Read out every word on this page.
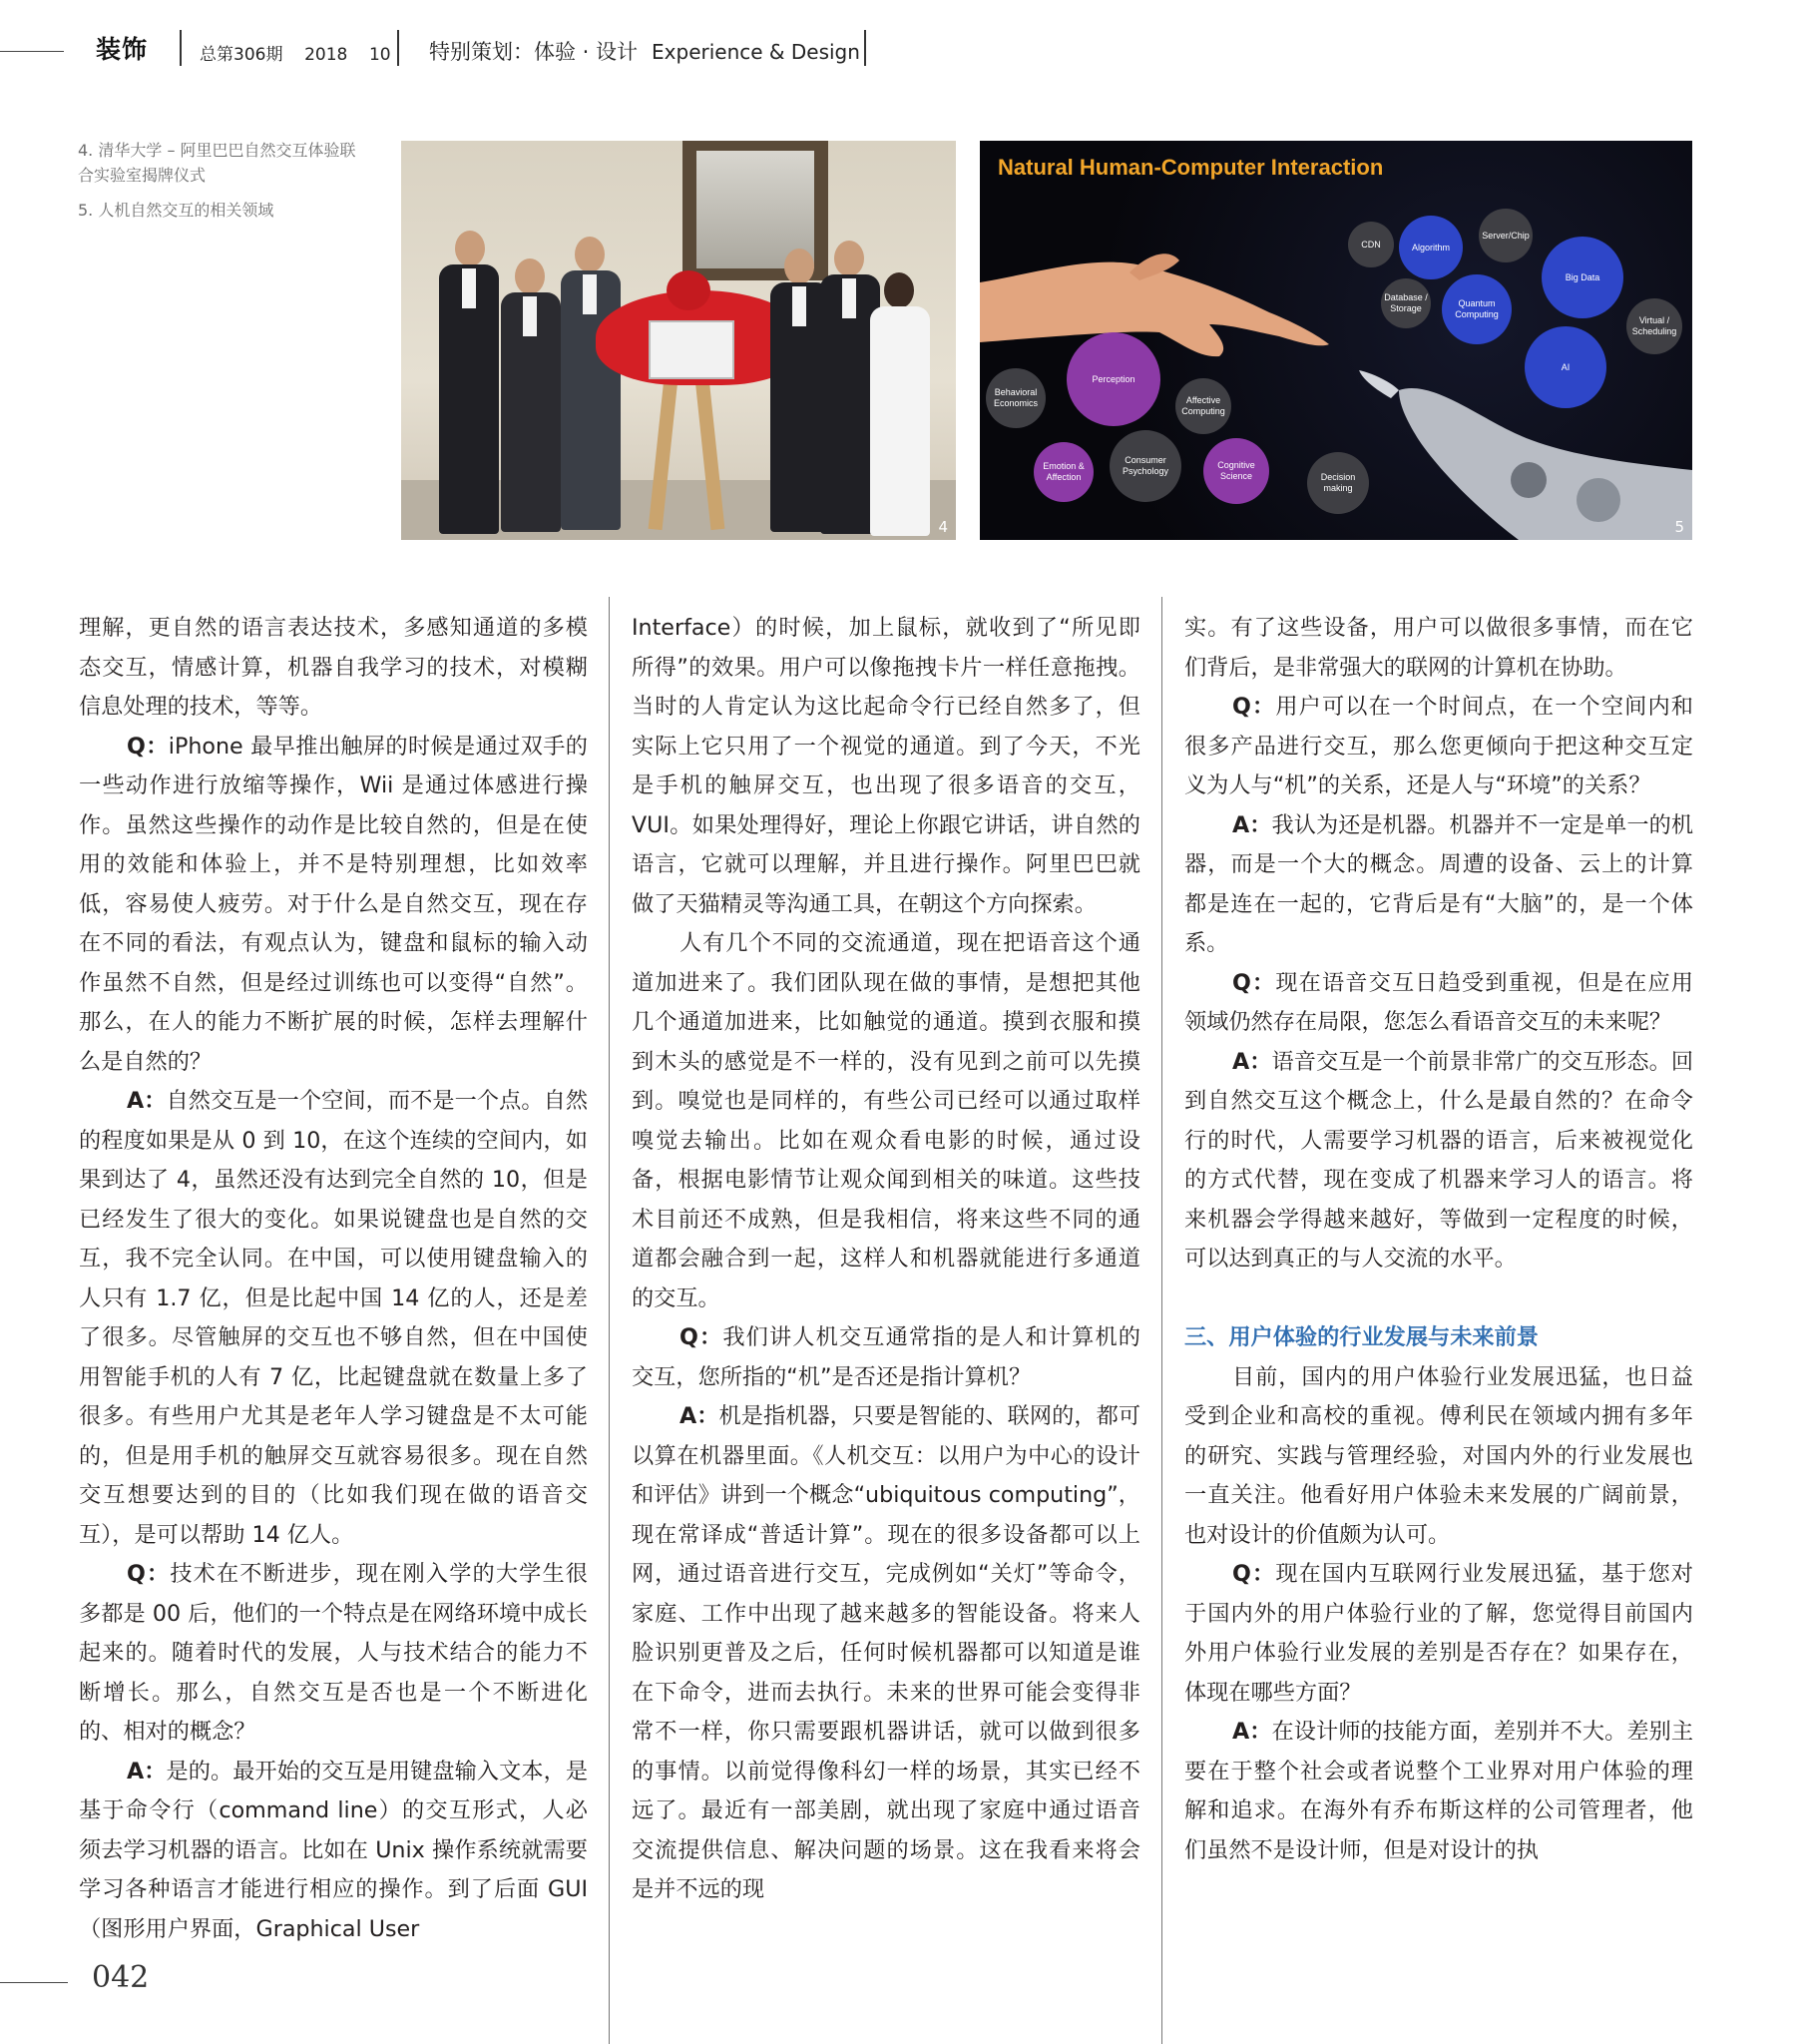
装饰	总第306期 2018 10 特别策划：体验 · 设计 Experience & Design

4. 清华大学 – 阿里巴巴自然交互体验联合实验室揭牌仪式

5. 人机自然交互的相关领域

4
Natural Human-Computer Interaction
CDN	Algorithm
Server/Chip
Big Data
Database / Storage	Quantum Computing
Virtual / Scheduling
AI
Perception
Behavioral Economics	Affective Computing
Emotion & Affection
Consumer Psychology
Cognitive Science	Decision making
5

理解，更自然的语言表达技术，多感知通道的多模态交互，情感计算，机器自我学习的技术，对模糊信息处理的技术，等等。

Q：iPhone 最早推出触屏的时候是通过双手的一些动作进行放缩等操作，Wii 是通过体感进行操作。虽然这些操作的动作是比较自然的，但是在使用的效能和体验上，并不是特别理想，比如效率低，容易使人疲劳。对于什么是自然交互，现在存在不同的看法，有观点认为，键盘和鼠标的输入动作虽然不自然，但是经过训练也可以变得“自然”。那么，在人的能力不断扩展的时候，怎样去理解什么是自然的？

A：自然交互是一个空间，而不是一个点。自然的程度如果是从 0 到 10，在这个连续的空间内，如果到达了 4，虽然还没有达到完全自然的 10，但是已经发生了很大的变化。如果说键盘也是自然的交互，我不完全认同。在中国，可以使用键盘输入的人只有 1.7 亿，但是比起中国 14 亿的人，还是差了很多。尽管触屏的交互也不够自然，但在中国使用智能手机的人有 7 亿，比起键盘就在数量上多了很多。有些用户尤其是老年人学习键盘是不太可能的，但是用手机的触屏交互就容易很多。现在自然交互想要达到的目的（比如我们现在做的语音交互），是可以帮助 14 亿人。

Q：技术在不断进步，现在刚入学的大学生很多都是 00 后，他们的一个特点是在网络环境中成长起来的。随着时代的发展，人与技术结合的能力不断增长。那么，自然交互是否也是一个不断进化的、相对的概念？

A：是的。最开始的交互是用键盘输入文本，是基于命令行（command line）的交互形式，人必须去学习机器的语言。比如在 Unix 操作系统就需要学习各种语言才能进行相应的操作。到了后面 GUI（图形用户界面，Graphical User

Interface）的时候，加上鼠标，就收到了“所见即所得”的效果。用户可以像拖拽卡片一样任意拖拽。当时的人肯定认为这比起命令行已经自然多了，但实际上它只用了一个视觉的通道。到了今天，不光是手机的触屏交互，也出现了很多语音的交互，VUI。如果处理得好，理论上你跟它讲话，讲自然的语言，它就可以理解，并且进行操作。阿里巴巴就做了天猫精灵等沟通工具，在朝这个方向探索。

人有几个不同的交流通道，现在把语音这个通道加进来了。我们团队现在做的事情，是想把其他几个通道加进来，比如触觉的通道。摸到衣服和摸到木头的感觉是不一样的，没有见到之前可以先摸到。嗅觉也是同样的，有些公司已经可以通过取样嗅觉去输出。比如在观众看电影的时候，通过设备，根据电影情节让观众闻到相关的味道。这些技术目前还不成熟，但是我相信，将来这些不同的通道都会融合到一起，这样人和机器就能进行多通道的交互。

Q：我们讲人机交互通常指的是人和计算机的交互，您所指的“机”是否还是指计算机？

A：机是指机器，只要是智能的、联网的，都可以算在机器里面。《人机交互：以用户为中心的设计和评估》讲到一个概念“ubiquitous computing”，现在常译成“普适计算”。现在的很多设备都可以上网，通过语音进行交互，完成例如“关灯”等命令，家庭、工作中出现了越来越多的智能设备。将来人脸识别更普及之后，任何时候机器都可以知道是谁在下命令，进而去执行。未来的世界可能会变得非常不一样，你只需要跟机器讲话，就可以做到很多的事情。以前觉得像科幻一样的场景，其实已经不远了。最近有一部美剧，就出现了家庭中通过语音交流提供信息、解决问题的场景。这在我看来将会是并不远的现

实。有了这些设备，用户可以做很多事情，而在它们背后，是非常强大的联网的计算机在协助。

Q：用户可以在一个时间点，在一个空间内和很多产品进行交互，那么您更倾向于把这种交互定义为人与“机”的关系，还是人与“环境”的关系？

A：我认为还是机器。机器并不一定是单一的机器，而是一个大的概念。周遭的设备、云上的计算都是连在一起的，它背后是有“大脑”的，是一个体系。

Q：现在语音交互日趋受到重视，但是在应用领域仍然存在局限，您怎么看语音交互的未来呢？

A：语音交互是一个前景非常广的交互形态。回到自然交互这个概念上，什么是最自然的？在命令行的时代，人需要学习机器的语言，后来被视觉化的方式代替，现在变成了机器来学习人的语言。将来机器会学得越来越好，等做到一定程度的时候，可以达到真正的与人交流的水平。

三、用户体验的行业发展与未来前景

目前，国内的用户体验行业发展迅猛，也日益受到企业和高校的重视。傅利民在领域内拥有多年的研究、实践与管理经验，对国内外的行业发展也一直关注。他看好用户体验未来发展的广阔前景，也对设计的价值颇为认可。

Q：现在国内互联网行业发展迅猛，基于您对于国内外的用户体验行业的了解，您觉得目前国内外用户体验行业发展的差别是否存在？如果存在，体现在哪些方面？

A：在设计师的技能方面，差别并不大。差别主要在于整个社会或者说整个工业界对用户体验的理解和追求。在海外有乔布斯这样的公司管理者，他们虽然不是设计师，但是对设计的执

042
